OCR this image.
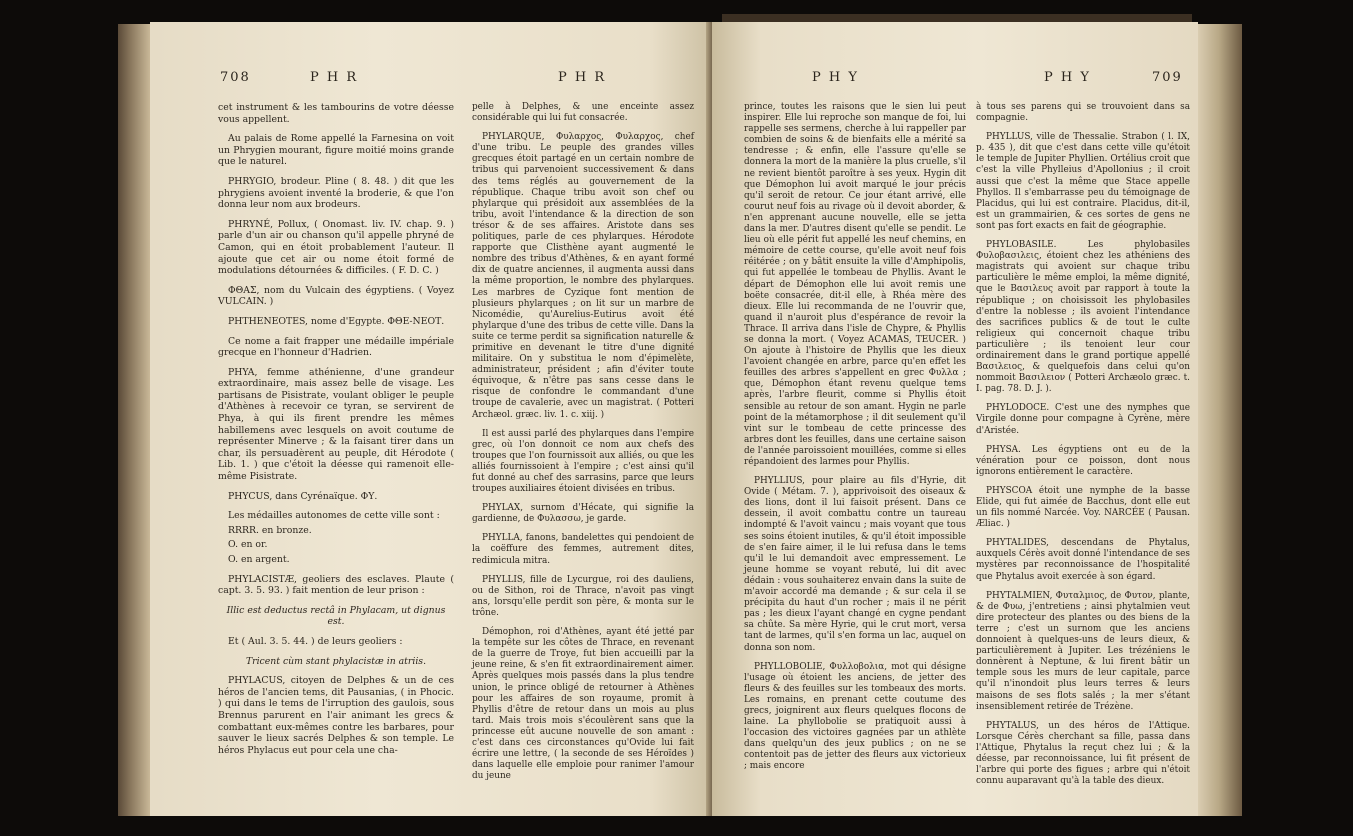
708	P H R	P H R

cet instrument & les tambourins de votre déesse vous appellent.

Au palais de Rome appellé la Farnesina on voit un Phrygien mourant, figure moitié moins grande que le naturel.

PHRYGIO, brodeur. Pline ( 8. 48. ) dit que les phrygiens avoient inventé la broderie, & que l'on donna leur nom aux brodeurs.

PHRYNÉ, Pollux, ( Onomast. liv. IV. chap. 9. ) parle d'un air ou chanson qu'il appelle phryné de Camon, qui en étoit probablement l'auteur. Il ajoute que cet air ou nome étoit formé de modulations détournées & difficiles. ( F. D. C. )

ΦΘΑΣ, nom du Vulcain des égyptiens. ( Voyez VULCAIN. )

PHTHENEOTES, nome d'Egypte. ΦΘΕ-ΝΕΟΤ.

Ce nome a fait frapper une médaille impériale grecque en l'honneur d'Hadrien.

PHYA, femme athénienne, d'une grandeur extraordinaire, mais assez belle de visage. Les partisans de Pisistrate, voulant obliger le peuple d'Athènes à recevoir ce tyran, se servirent de Phya, à qui ils firent prendre les mêmes habillemens avec lesquels on avoit coutume de représenter Minerve ; & la faisant tirer dans un char, ils persuadèrent au peuple, dit Hérodote ( Lib. 1. ) que c'étoit la déesse qui ramenoit elle-même Pisistrate.

PHYCUS, dans Cyrénaïque. ΦΥ.

Les médailles autonomes de cette ville sont :

RRRR. en bronze.

O. en or.

O. en argent.

PHYLACISTÆ, geoliers des esclaves. Plaute ( capt. 3. 5. 93. ) fait mention de leur prison :

Illic est deductus rectâ in Phylacam, ut dignus est.

Et ( Aul. 3. 5. 44. ) de leurs geoliers :

Tricent cùm stant phylacistæ in atriis.

PHYLACUS, citoyen de Delphes & un de ces héros de l'ancien tems, dit Pausanias, ( in Phocic. ) qui dans le tems de l'irruption des gaulois, sous Brennus parurent en l'air animant les grecs & combattant eux-mêmes contre les barbares, pour sauver le lieux sacrés Delphes & son temple. Le héros Phylacus eut pour cela une cha-

pelle à Delphes, & une enceinte assez considérable qui lui fut consacrée.

PHYLARQUE, Φυλαρχος, Φυλαρχος, chef d'une tribu. Le peuple des grandes villes grecques étoit partagé en un certain nombre de tribus qui parvenoient successivement & dans des tems réglés au gouvernement de la république. Chaque tribu avoit son chef ou phylarque qui présidoit aux assemblées de la tribu, avoit l'intendance & la direction de son trésor & de ses affaires. Aristote dans ses politiques, parle de ces phylarques. Hérodote rapporte que Clisthène ayant augmenté le nombre des tribus d'Athènes, & en ayant formé dix de quatre anciennes, il augmenta aussi dans la même proportion, le nombre des phylarques. Les marbres de Cyzique font mention de plusieurs phylarques ; on lit sur un marbre de Nicomédie, qu'Aurelius-Eutirus avoit été phylarque d'une des tribus de cette ville. Dans la suite ce terme perdit sa signification naturelle & primitive en devenant le titre d'une dignité militaire. On y substitua le nom d'épimelète, administrateur, président ; afin d'éviter toute équivoque, & n'être pas sans cesse dans le risque de confondre le commandant d'une troupe de cavalerie, avec un magistrat. ( Potteri Archæol. græc. liv. 1. c. xiij. )

Il est aussi parlé des phylarques dans l'empire grec, où l'on donnoit ce nom aux chefs des troupes que l'on fournissoit aux alliés, ou que les alliés fournissoient à l'empire ; c'est ainsi qu'il fut donné au chef des sarrasins, parce que leurs troupes auxiliaires étoient divisées en tribus.

PHYLAX, surnom d'Hécate, qui signifie la gardienne, de Φυλασσω, je garde.

PHYLLA, fanons, bandelettes qui pendoient de la coëffure des femmes, autrement dites, redimicula mitra.

PHYLLIS, fille de Lycurgue, roi des dauliens, ou de Sithon, roi de Thrace, n'avoit pas vingt ans, lorsqu'elle perdit son père, & monta sur le trône.

Démophon, roi d'Athènes, ayant été jetté par la tempête sur les côtes de Thrace, en revenant de la guerre de Troye, fut bien accueilli par la jeune reine, & s'en fit extraordinairement aimer. Après quelques mois passés dans la plus tendre union, le prince obligé de retourner à Athènes pour les affaires de son royaume, promit à Phyllis d'être de retour dans un mois au plus tard. Mais trois mois s'écoulèrent sans que la princesse eût aucune nouvelle de son amant : c'est dans ces circonstances qu'Ovide lui fait écrire une lettre, ( la seconde de ses Héroïdes ) dans laquelle elle emploie pour ranimer l'amour du jeune

P H Y	P H Y	709

prince, toutes les raisons que le sien lui peut inspirer. Elle lui reproche son manque de foi, lui rappelle ses sermens, cherche à lui rappeller par combien de soins & de bienfaits elle a mérité sa tendresse ; & enfin, elle l'assure qu'elle se donnera la mort de la manière la plus cruelle, s'il ne revient bientôt paroître à ses yeux. Hygin dit que Démophon lui avoit marqué le jour précis qu'il seroit de retour. Ce jour étant arrivé, elle courut neuf fois au rivage où il devoit aborder, & n'en apprenant aucune nouvelle, elle se jetta dans la mer. D'autres disent qu'elle se pendit. Le lieu où elle périt fut appellé les neuf chemins, en mémoire de cette course, qu'elle avoit neuf fois réitérée ; on y bâtit ensuite la ville d'Amphipolis, qui fut appellée le tombeau de Phyllis. Avant le départ de Démophon elle lui avoit remis une boëte consacrée, dit-il elle, à Rhéa mère des dieux. Elle lui recommanda de ne l'ouvrir que, quand il n'auroit plus d'espérance de revoir la Thrace. Il arriva dans l'isle de Chypre, & Phyllis se donna la mort. ( Voyez ACAMAS, TEUCER. ) On ajoute à l'histoire de Phyllis que les dieux l'avoient changée en arbre, parce qu'en effet les feuilles des arbres s'appellent en grec Φυλλα ; que, Démophon étant revenu quelque tems après, l'arbre fleurit, comme si Phyllis étoit sensible au retour de son amant. Hygin ne parle point de la métamorphose ; il dit seulement qu'il vint sur le tombeau de cette princesse des arbres dont les feuilles, dans une certaine saison de l'année paroissoient mouillées, comme si elles répandoient des larmes pour Phyllis.

PHYLLIUS, pour plaire au fils d'Hyrie, dit Ovide ( Métam. 7. ), apprivoisoit des oiseaux & des lions, dont il lui faisoit présent. Dans ce dessein, il avoit combattu contre un taureau indompté & l'avoit vaincu ; mais voyant que tous ses soins étoient inutiles, & qu'il étoit impossible de s'en faire aimer, il le lui refusa dans le tems qu'il le lui demandoit avec empressement. Le jeune homme se voyant rebuté, lui dit avec dédain : vous souhaiterez envain dans la suite de m'avoir accordé ma demande ; & sur cela il se précipita du haut d'un rocher ; mais il ne périt pas ; les dieux l'ayant changé en cygne pendant sa chûte. Sa mère Hyrie, qui le crut mort, versa tant de larmes, qu'il s'en forma un lac, auquel on donna son nom.

PHYLLOBOLIE, Φυλλοβολια, mot qui désigne l'usage où étoient les anciens, de jetter des fleurs & des feuilles sur les tombeaux des morts. Les romains, en prenant cette coutume des grecs, joignirent aux fleurs quelques flocons de laine. La phyllobolie se pratiquoit aussi à l'occasion des victoires gagnées par un athlète dans quelqu'un des jeux publics ; on ne se contentoit pas de jetter des fleurs aux victorieux ; mais encore

à tous ses parens qui se trouvoient dans sa compagnie.

PHYLLUS, ville de Thessalie. Strabon ( l. IX, p. 435 ), dit que c'est dans cette ville qu'étoit le temple de Jupiter Phyllien. Ortélius croit que c'est la ville Phylleius d'Apollonius ; il croit aussi que c'est la même que Stace appelle Phyllos. Il s'embarrasse peu du témoignage de Placidus, qui lui est contraire. Placidus, dit-il, est un grammairien, & ces sortes de gens ne sont pas fort exacts en fait de géographie.

PHYLOBASILE. Les phylobasiles Φυλοβασιλεις, étoient chez les athéniens des magistrats qui avoient sur chaque tribu particulière le même emploi, la même dignité, que le Βασιλευς avoit par rapport à toute la république ; on choisissoit les phylobasiles d'entre la noblesse ; ils avoient l'intendance des sacrifices publics & de tout le culte religieux qui concernoit chaque tribu particulière ; ils tenoient leur cour ordinairement dans le grand portique appellé Βασιλειος, & quelquefois dans celui qu'on nommoit Βασιλειον ( Potteri Archæolo græc. t. I. pag. 78. D. J. ).

PHYLODOCE. C'est une des nymphes que Virgile donne pour compagne à Cyrène, mère d'Aristée.

PHYSA. Les égyptiens ont eu de la vénération pour ce poisson, dont nous ignorons entièrement le caractère.

PHYSCOA étoit une nymphe de la basse Elide, qui fut aimée de Bacchus, dont elle eut un fils nommé Narcée. Voy. NARCÉE ( Pausan. Æliac. )

PHYTALIDES, descendans de Phytalus, auxquels Cérès avoit donné l'intendance de ses mystères par reconnoissance de l'hospitalité que Phytalus avoit exercée à son égard.

PHYTALMIEN, Φυταλμιος, de Φυτον, plante, & de Φυω, j'entretiens ; ainsi phytalmien veut dire protecteur des plantes ou des biens de la terre ; c'est un surnom que les anciens donnoient à quelques-uns de leurs dieux, & particulièrement à Jupiter. Les trézéniens le donnèrent à Neptune, & lui firent bâtir un temple sous les murs de leur capitale, parce qu'il n'inondoit plus leurs terres & leurs maisons de ses flots salés ; la mer s'étant insensiblement retirée de Trézène.

PHYTALUS, un des héros de l'Attique. Lorsque Cérès cherchant sa fille, passa dans l'Attique, Phytalus la reçut chez lui ; & la déesse, par reconnoissance, lui fit présent de l'arbre qui porte des figues ; arbre qui n'étoit connu auparavant qu'à la table des dieux.
